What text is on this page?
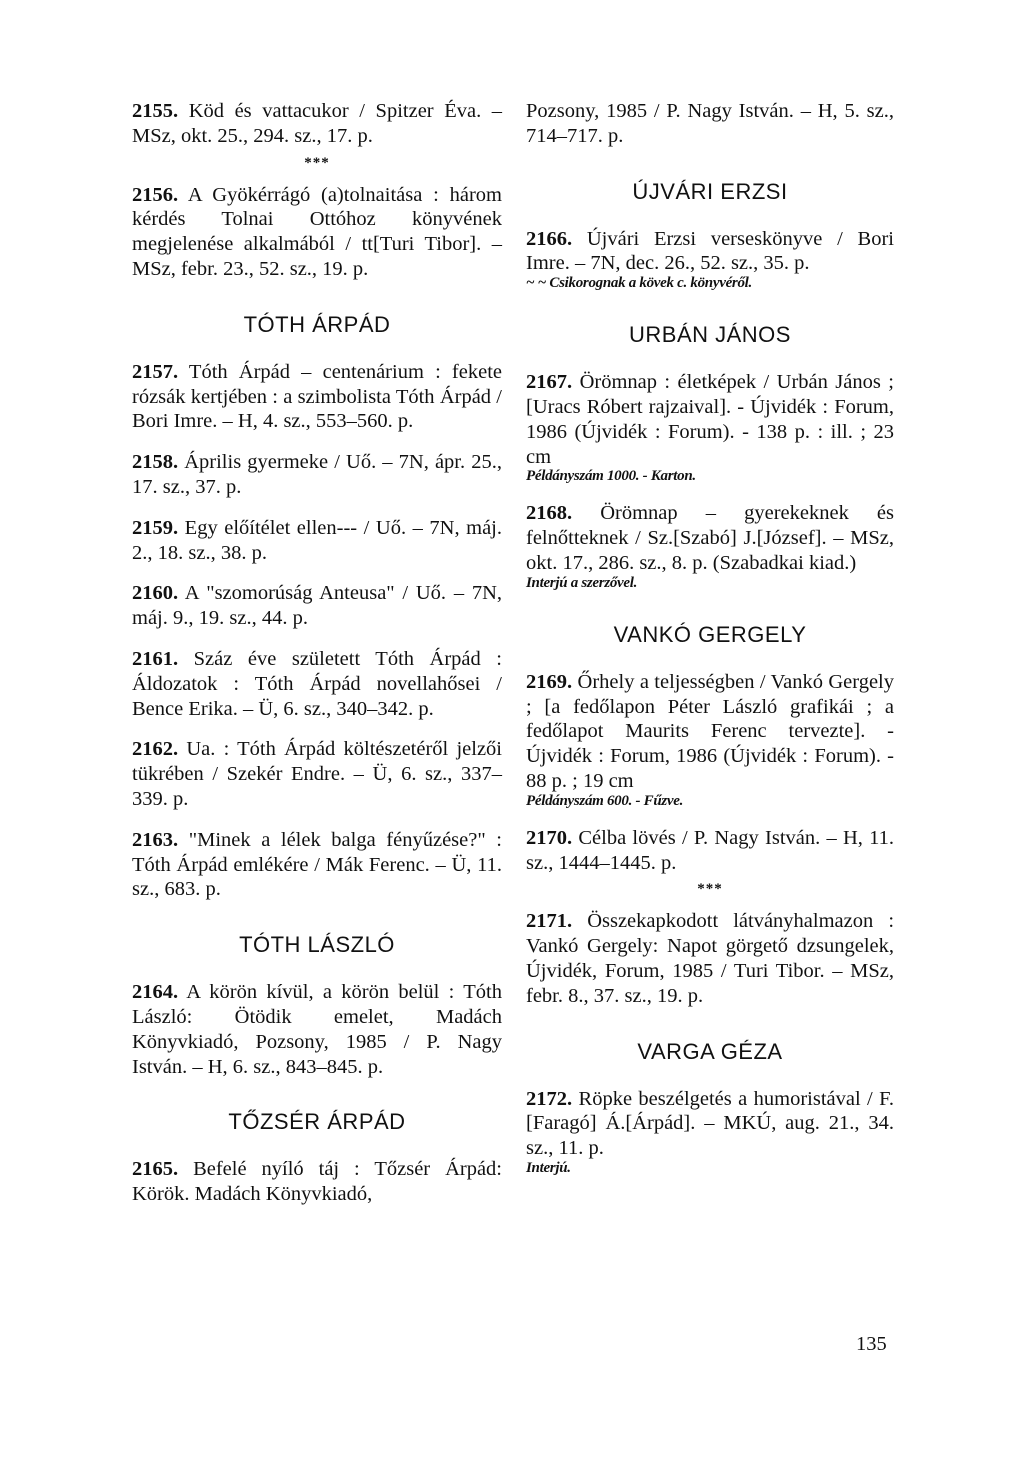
2155. Köd és vattacukor / Spitzer Éva. – MSz, okt. 25., 294. sz., 17. p.

***

2156. A Gyökérrágó (a)tolnaitása : három kérdés Tolnai Ottóhoz könyvének megjelenése alkalmából / tt[Turi Tibor]. – MSz, febr. 23., 52. sz., 19. p.

TÓTH ÁRPÁD

2157. Tóth Árpád – centenárium : fekete rózsák kertjében : a szimbolista Tóth Árpád / Bori Imre. – H, 4. sz., 553–560. p.

2158. Április gyermeke / Uő. – 7N, ápr. 25., 17. sz., 37. p.

2159. Egy előítélet ellen--- / Uő. – 7N, máj. 2., 18. sz., 38. p.

2160. A "szomorúság Anteusa" / Uő. – 7N, máj. 9., 19. sz., 44. p.

2161. Száz éve született Tóth Árpád : Áldozatok : Tóth Árpád novellahősei / Bence Erika. – Ü, 6. sz., 340–342. p.

2162. Ua. : Tóth Árpád költészetéről jelzői tükrében / Szekér Endre. – Ü, 6. sz., 337–339. p.

2163. "Minek a lélek balga fényűzése?" : Tóth Árpád emlékére / Mák Ferenc. – Ü, 11. sz., 683. p.

TÓTH LÁSZLÓ

2164. A körön kívül, a körön belül : Tóth László: Ötödik emelet, Madách Könyvkiadó, Pozsony, 1985 / P. Nagy István. – H, 6. sz., 843–845. p.

TŐZSÉR ÁRPÁD

2165. Befelé nyíló táj : Tőzsér Árpád: Körök. Madách Könyvkiadó,

Pozsony, 1985 / P. Nagy István. – H, 5. sz., 714–717. p.

ÚJVÁRI ERZSI

2166. Újvári Erzsi verseskönyve / Bori Imre. – 7N, dec. 26., 52. sz., 35. p.
~ ~ Csikorognak a kövek c. könyvéről.

URBÁN JÁNOS

2167. Örömnap : életképek / Urbán János ; [Uracs Róbert rajzaival]. - Újvidék : Forum, 1986 (Újvidék : Forum). - 138 p. : ill. ; 23 cm
Példányszám 1000. - Karton.

2168. Örömnap – gyerekeknek és felnőtteknek / Sz.[Szabó] J.[József]. – MSz, okt. 17., 286. sz., 8. p. (Szabadkai kiad.)
Interjú a szerzővel.

VANKÓ GERGELY

2169. Őrhely a teljességben / Vankó Gergely ; [a fedőlapon Péter László grafikái ; a fedőlapot Maurits Ferenc tervezte]. - Újvidék : Forum, 1986 (Újvidék : Forum). - 88 p. ; 19 cm
Példányszám 600. - Fűzve.

2170. Célba lövés / P. Nagy István. – H, 11. sz., 1444–1445. p.

***

2171. Összekapkodott látványhalmazon : Vankó Gergely: Napot görgető dzsungelek, Újvidék, Forum, 1985 / Turi Tibor. – MSz, febr. 8., 37. sz., 19. p.

VARGA GÉZA

2172. Röpke beszélgetés a humoristával / F.[Faragó] Á.[Árpád]. – MKÚ, aug. 21., 34. sz., 11. p.
Interjú.

135
